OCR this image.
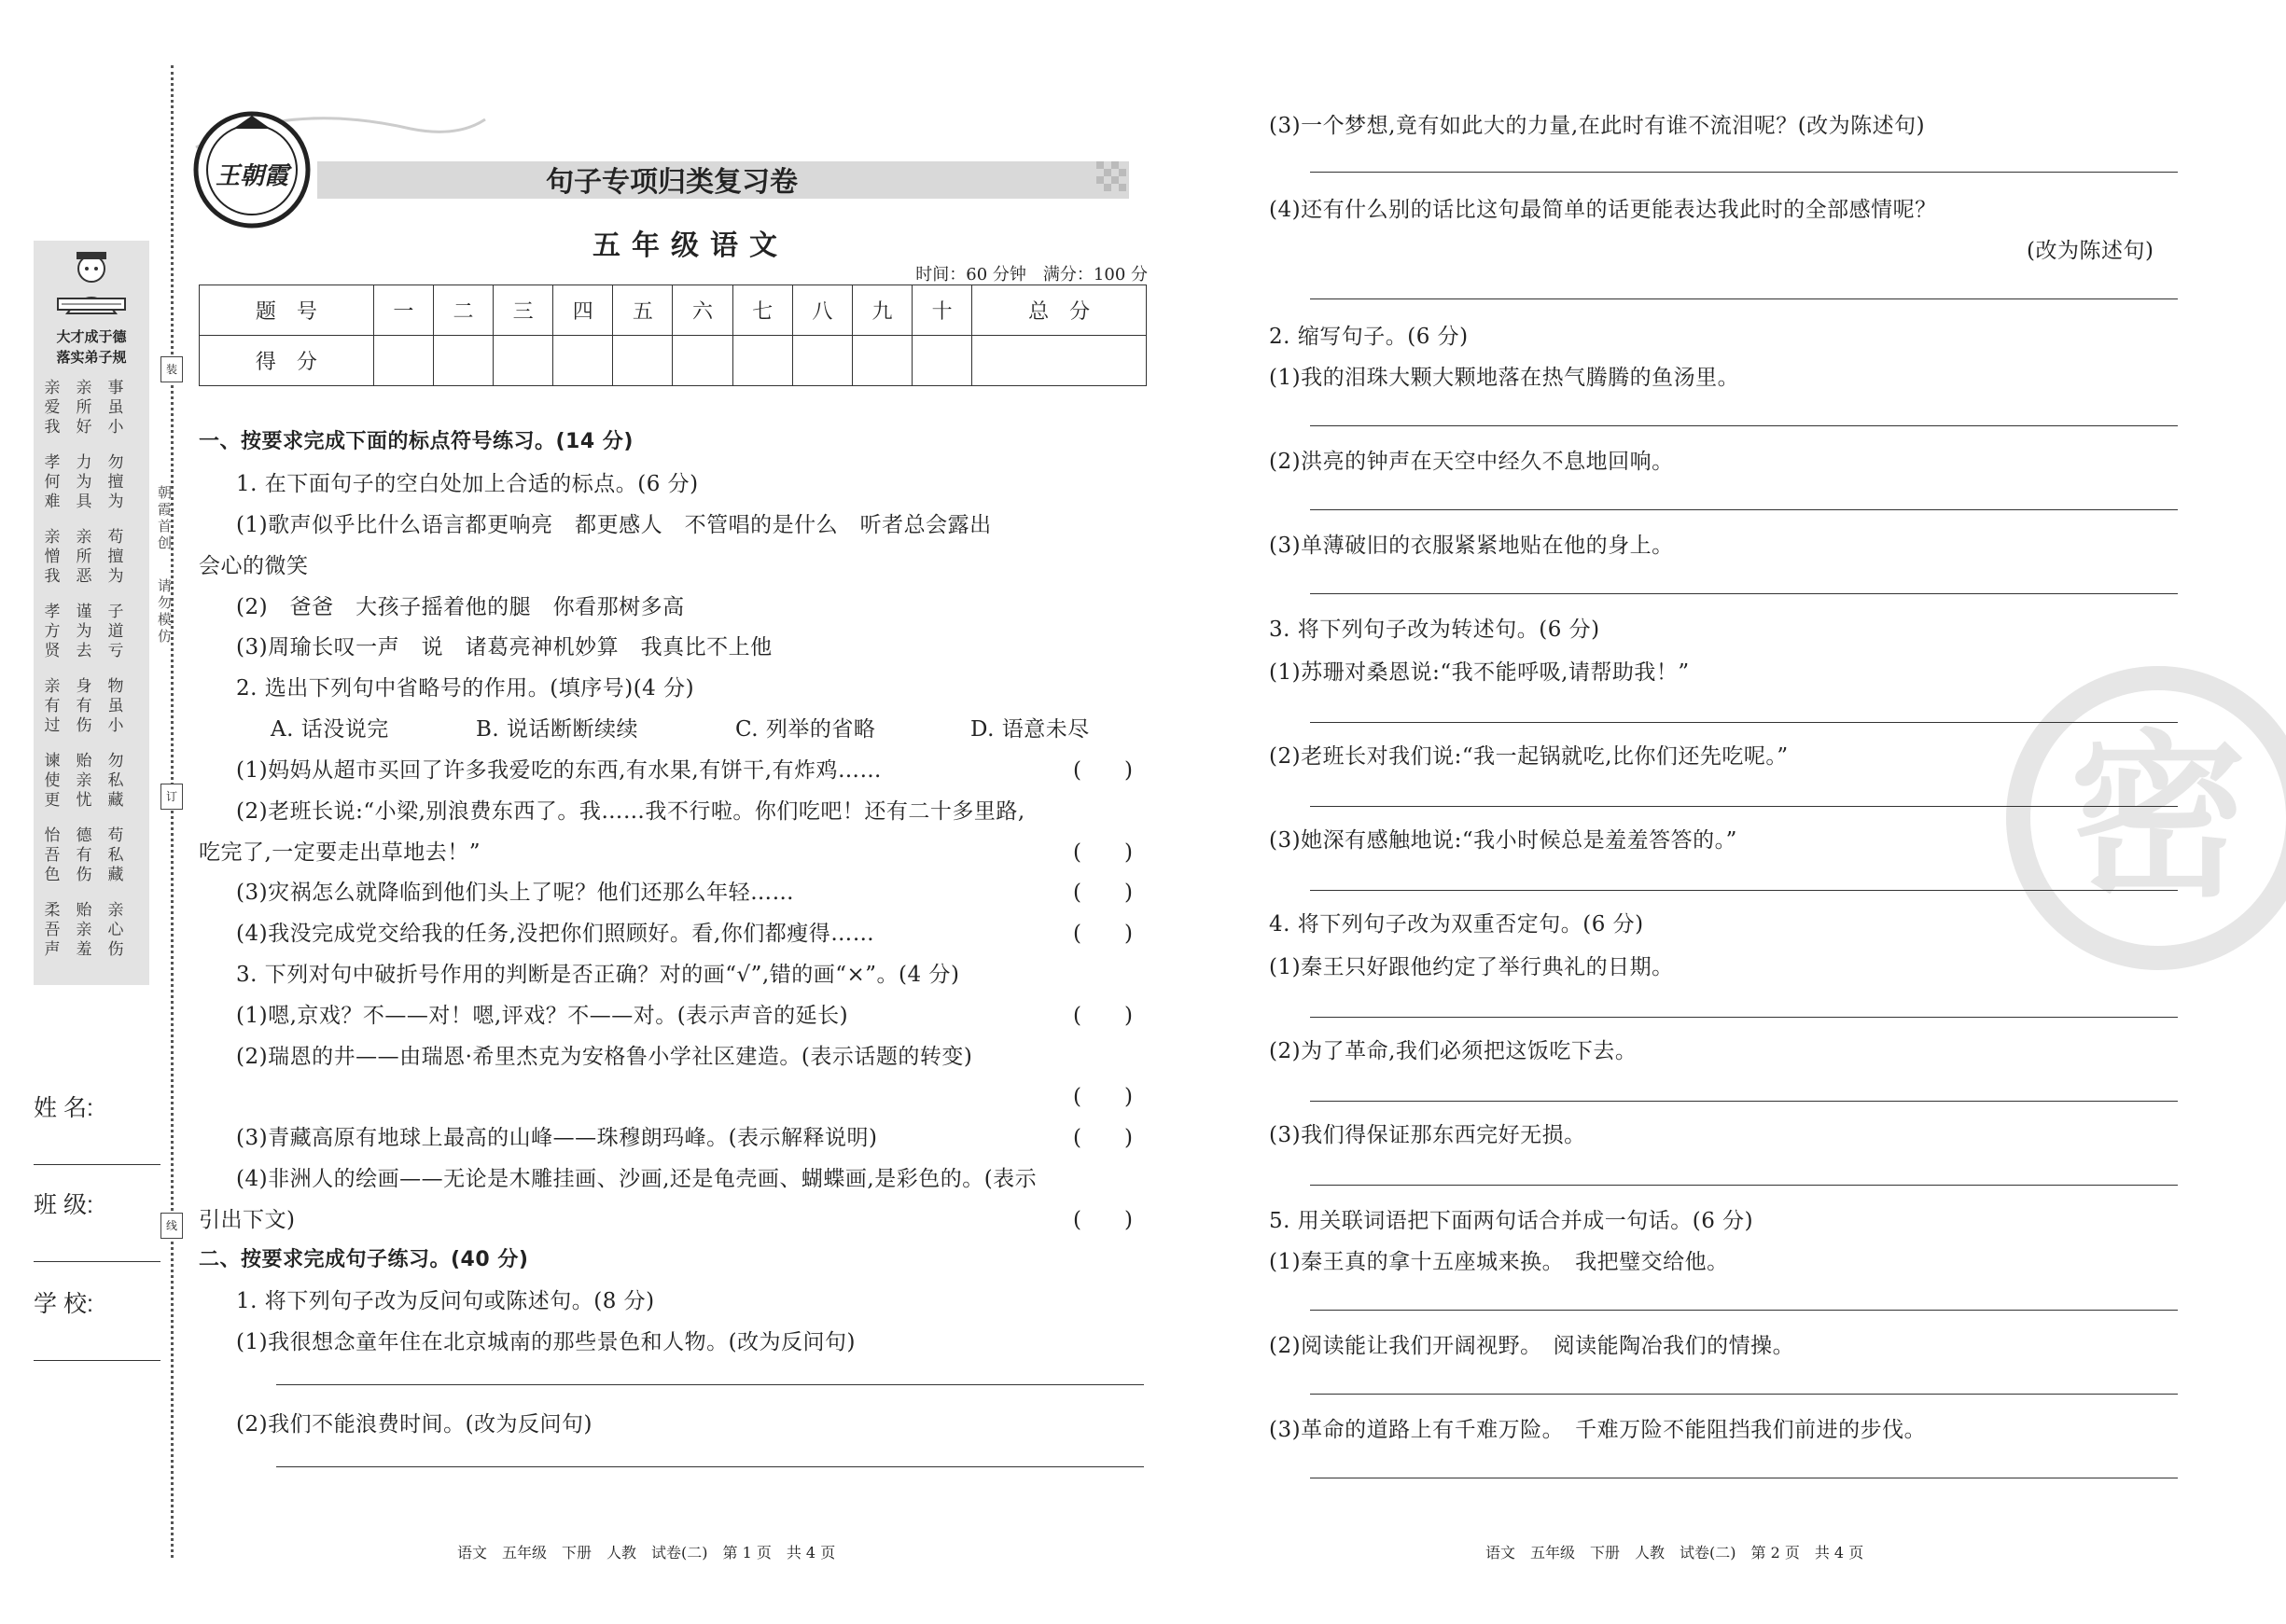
大才成于德
落实弟子规
亲爱我
亲所好
事虽小
孝何难
力为具
勿擅为
亲憎我
亲所恶
苟擅为
孝方贤
谨为去
子道亏
亲有过
身有伤
物虽小
谏使更
贻亲忧
勿私藏
怡吾色
德有伤
苟私藏
柔吾声
贻亲羞
亲心伤
装
订
线
朝霞首创
请勿模仿
姓 名:
班 级:
学 校:
王朝霞	句子专项归类复习卷
五年级语文
时间：60 分钟　满分：100 分
题　号	一	二	三	四	五	六	七	八	九	十	总　分
得　分											
一、按要求完成下面的标点符号练习。(14 分)
1. 在下面句子的空白处加上合适的标点。(6 分)
(1)歌声似乎比什么语言都更响亮　都更感人　不管唱的是什么　听者总会露出
会心的微笑
(2)　爸爸　大孩子摇着他的腿　你看那树多高
(3)周瑜长叹一声　说　诸葛亮神机妙算　我真比不上他
2. 选出下列句中省略号的作用。(填序号)(4 分)
A. 话没说完	B. 说话断断续续	C. 列举的省略	D. 语意未尽
(1)妈妈从超市买回了许多我爱吃的东西,有水果,有饼干,有炸鸡……	(　　)
(2)老班长说:“小梁,别浪费东西了。我……我不行啦。你们吃吧！还有二十多里路,
吃完了,一定要走出草地去！”	(　　)
(3)灾祸怎么就降临到他们头上了呢？他们还那么年轻……	(　　)
(4)我没完成党交给我的任务,没把你们照顾好。看,你们都瘦得……	(　　)
3. 下列对句中破折号作用的判断是否正确？对的画“√”,错的画“×”。(4 分)
(1)嗯,京戏？不——对！嗯,评戏？不——对。(表示声音的延长)	(　　)
(2)瑞恩的井——由瑞恩·希里杰克为安格鲁小学社区建造。(表示话题的转变)
(　　)
(3)青藏高原有地球上最高的山峰——珠穆朗玛峰。(表示解释说明)	(　　)
(4)非洲人的绘画——无论是木雕挂画、沙画,还是龟壳画、蝴蝶画,是彩色的。(表示
引出下文)	(　　)
二、按要求完成句子练习。(40 分)
1. 将下列句子改为反问句或陈述句。(8 分)
(1)我很想念童年住在北京城南的那些景色和人物。(改为反问句)
(2)我们不能浪费时间。(改为反问句)
语文　五年级　下册　人教　试卷(二)　第 1 页　共 4 页
密
(3)一个梦想,竟有如此大的力量,在此时有谁不流泪呢？(改为陈述句)
(4)还有什么别的话比这句最简单的话更能表达我此时的全部感情呢？
(改为陈述句)
2. 缩写句子。(6 分)
(1)我的泪珠大颗大颗地落在热气腾腾的鱼汤里。
(2)洪亮的钟声在天空中经久不息地回响。
(3)单薄破旧的衣服紧紧地贴在他的身上。
3. 将下列句子改为转述句。(6 分)
(1)苏珊对桑恩说:“我不能呼吸,请帮助我！”
(2)老班长对我们说:“我一起锅就吃,比你们还先吃呢。”
(3)她深有感触地说:“我小时候总是羞羞答答的。”
4. 将下列句子改为双重否定句。(6 分)
(1)秦王只好跟他约定了举行典礼的日期。
(2)为了革命,我们必须把这饭吃下去。
(3)我们得保证那东西完好无损。
5. 用关联词语把下面两句话合并成一句话。(6 分)
(1)秦王真的拿十五座城来换。　我把璧交给他。
(2)阅读能让我们开阔视野。　阅读能陶冶我们的情操。
(3)革命的道路上有千难万险。　千难万险不能阻挡我们前进的步伐。
语文　五年级　下册　人教　试卷(二)　第 2 页　共 4 页
